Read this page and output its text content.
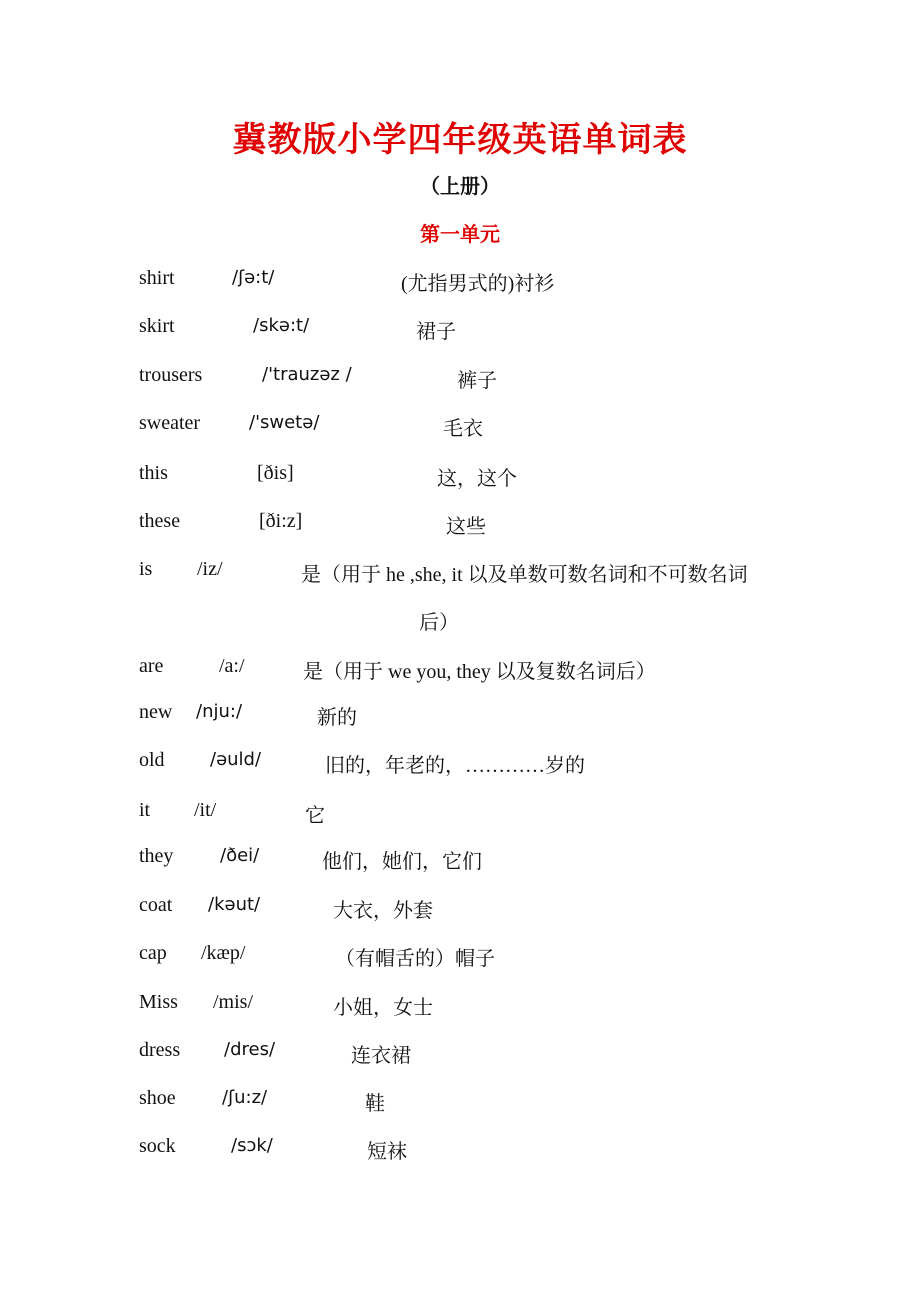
冀教版小学四年级英语单词表
（上册）
第一单元
shirt	/ʃə:t/	(尤指男式的)衬衫
skirt	/skə:t/	裙子
trousers	/'trauzəz /	裤子
sweater	/'swetə/	毛衣
this	[ðis]	这，这个
these	[ði:z]	这些
is /iz/	是（用于 he ,she, it 以及单数可数名词和不可数名词
后）
are	/a:/	是（用于 we you, they 以及复数名词后）
new /nju:/	新的
old	/əuld/	旧的，年老的，…………岁的
it /it/	它
they	/ðei/	他们，她们，它们
coat /kəut/	大衣，外套
cap /kæp/	（有帽舌的）帽子
Miss /mis/	小姐，女士
dress /dres/	连衣裙
shoe	/ʃu:z/	鞋
sock	/sɔk/	短袜
